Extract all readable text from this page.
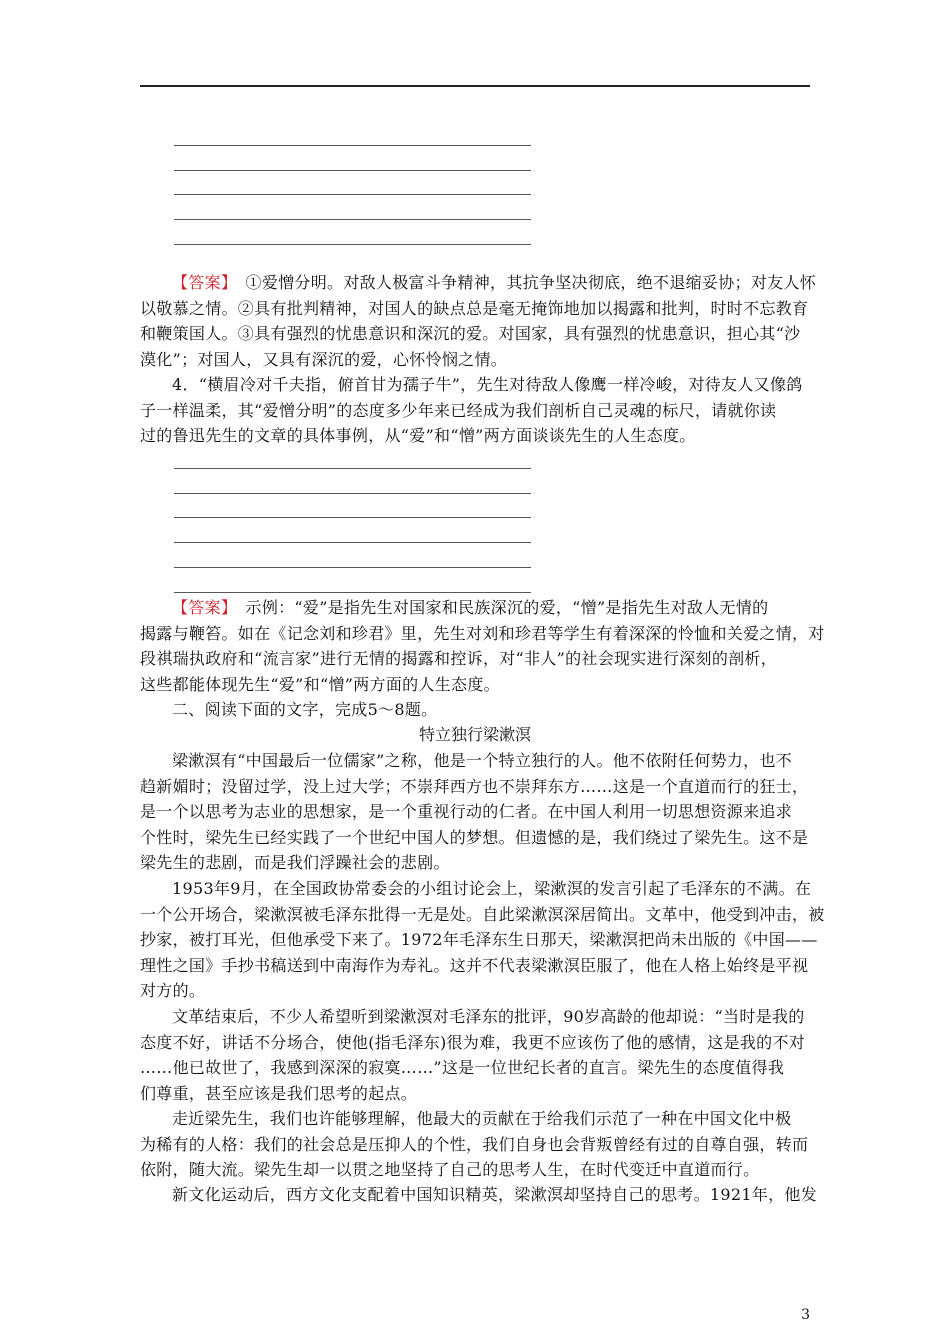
【答案】　 ①爱憎分明。对敌人极富斗争精神，其抗争坚决彻底，绝不退缩妥协；对友人怀
以敬慕之情。②具有批判精神，对国人的缺点总是毫无掩饰地加以揭露和批判，时时不忘教育
和鞭策国人。③具有强烈的忧患意识和深沉的爱。对国家，具有强烈的忧患意识，担心其“沙
漠化”；对国人，又具有深沉的爱，心怀怜悯之情。
4．“横眉冷对千夫指，俯首甘为孺子牛”，先生对待敌人像鹰一样冷峻，对待友人又像鸽
子一样温柔，其“爱憎分明”的态度多少年来已经成为我们剖析自己灵魂的标尺，请就你读
过的鲁迅先生的文章的具体事例，从“爱”和“憎”两方面谈谈先生的人生态度。
【答案】　 示例：“爱”是指先生对国家和民族深沉的爱，“憎”是指先生对敌人无情的
揭露与鞭笞。如在《记念刘和珍君》里，先生对刘和珍君等学生有着深深的怜恤和关爱之情，对
段祺瑞执政府和“流言家”进行无情的揭露和控诉，对“非人”的社会现实进行深刻的剖析，
这些都能体现先生“爱”和“憎”两方面的人生态度。
二、阅读下面的文字，完成5～8题。
特立独行梁漱溟
梁漱溟有“中国最后一位儒家”之称，他是一个特立独行的人。他不依附任何势力，也不
趋新媚时；没留过学，没上过大学；不崇拜西方也不崇拜东方……这是一个直道而行的狂士，
是一个以思考为志业的思想家，是一个重视行动的仁者。在中国人利用一切思想资源来追求
个性时，梁先生已经实践了一个世纪中国人的梦想。但遗憾的是，我们绕过了梁先生。这不是
梁先生的悲剧，而是我们浮躁社会的悲剧。
1953年9月，在全国政协常委会的小组讨论会上，梁漱溟的发言引起了毛泽东的不满。在
一个公开场合，梁漱溟被毛泽东批得一无是处。自此梁漱溟深居简出。文革中，他受到冲击，被
抄家，被打耳光，但他承受下来了。1972年毛泽东生日那天，梁漱溟把尚未出版的《中国——
理性之国》手抄书稿送到中南海作为寿礼。这并不代表梁漱溟臣服了，他在人格上始终是平视
对方的。
文革结束后，不少人希望听到梁漱溟对毛泽东的批评，90岁高龄的他却说：“当时是我的
态度不好，讲话不分场合，使他(指毛泽东)很为难，我更不应该伤了他的感情，这是我的不对
……他已故世了，我感到深深的寂寞……”这是一位世纪长者的直言。梁先生的态度值得我
们尊重，甚至应该是我们思考的起点。
走近梁先生，我们也许能够理解，他最大的贡献在于给我们示范了一种在中国文化中极
为稀有的人格：我们的社会总是压抑人的个性，我们自身也会背叛曾经有过的自尊自强，转而
依附，随大流。梁先生却一以贯之地坚持了自己的思考人生，在时代变迁中直道而行。
新文化运动后，西方文化支配着中国知识精英，梁漱溟却坚持自己的思考。1921年，他发
3
